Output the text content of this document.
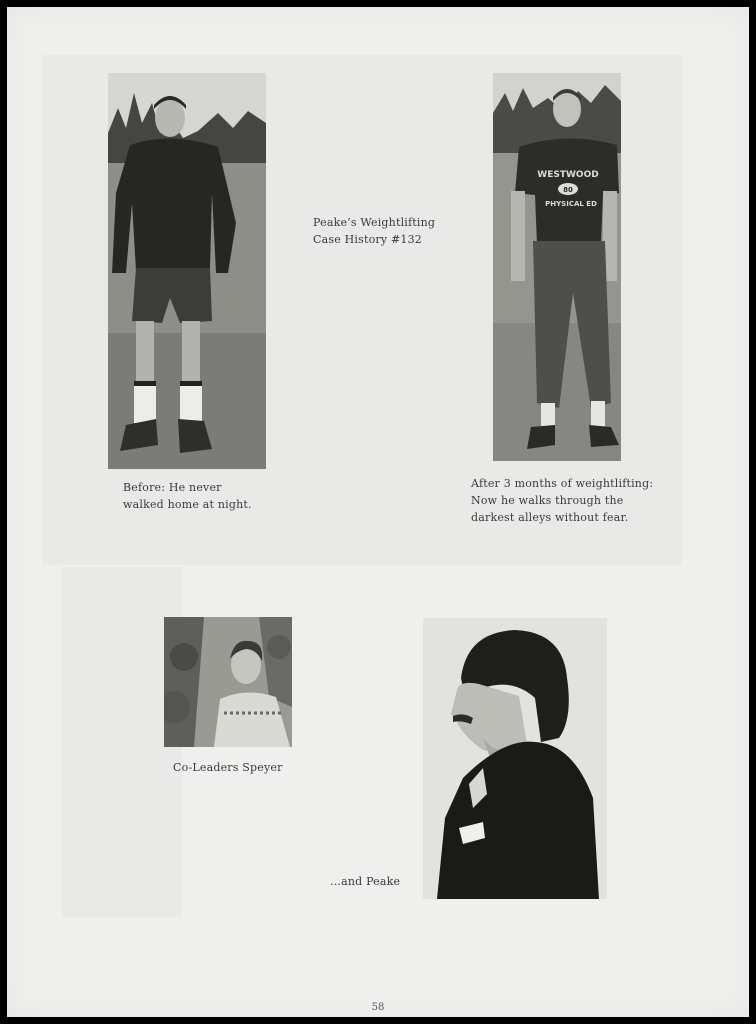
WESTWOOD
80
PHYSICAL ED

Peake’s Weightlifting
Case History #132

Before: He never
walked home at night.

After 3 months of weightlifting:
Now he walks through the
darkest alleys without fear.

Co-Leaders Speyer

...and Peake

58
